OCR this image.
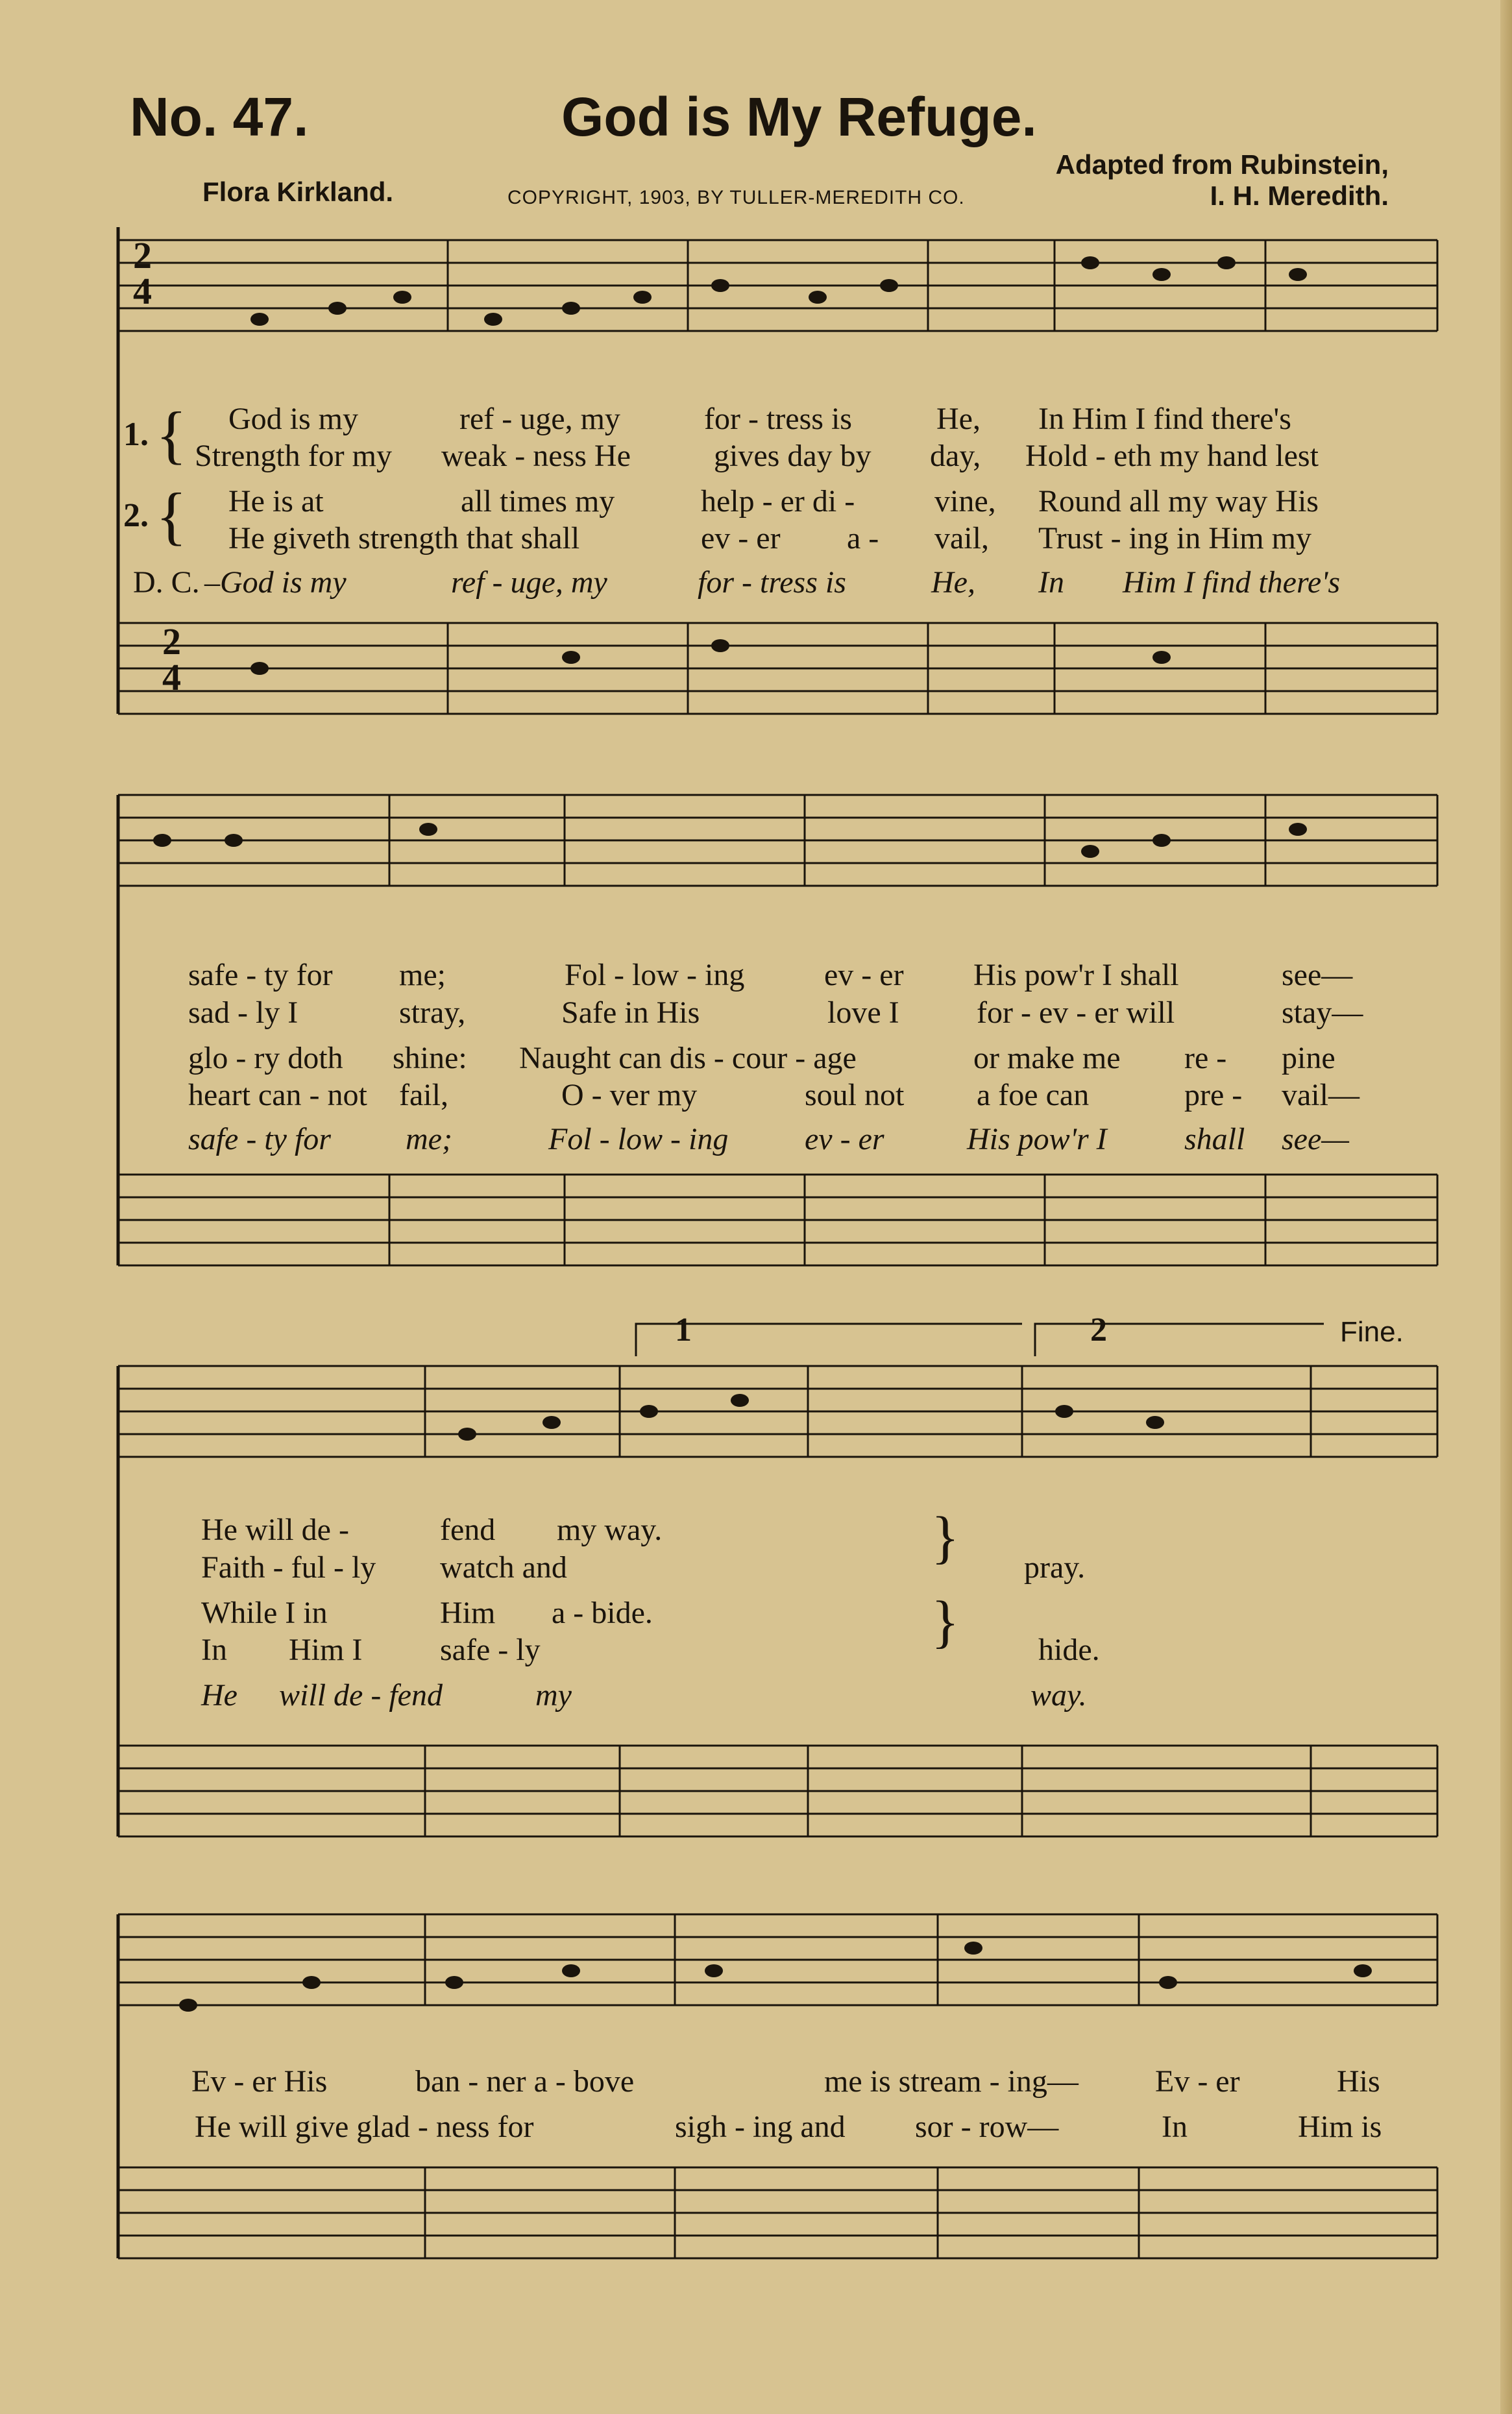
No. 47.	God is My Refuge.
Flora Kirkland.	COPYRIGHT, 1903, BY TULLER-MEREDITH CO.
Adapted from Rubinstein,
I. H. Meredith.
2
4
2
4
1	2	Fine.
1. { God is my	ref - uge, my	for - tress is	He, In Him I find there's
Strength for my weak - ness He	gives day by day, Hold - eth my hand lest
2. { He is at	all times my	help - er di -	vine, Round all my way His
He giveth strength that shall	ev - er a - vail, Trust - ing in Him my
D. C. –God is my	ref - uge, my	for - tress is	He, In Him I find there's
safe - ty for me;	Fol - low - ing	ev - er His pow'r I shall	see—
sad - ly I	stray,	Safe in His	love I for - ev - er will	stay—
glo - ry doth shine: Naught can dis - cour - age	or make me re - pine
heart can - not fail,	O - ver my	soul not a foe can	pre - vail—
safe - ty for me;	Fol - low - ing ev - er	His pow'r I shall see—
He will de -	fend my way.
Faith - ful - ly watch and	pray.
While I in	Him a - bide.
In Him I safe - ly	hide.
}
}
He will de - fend	my	way.
Ev - er His	ban - ner a - bove	me is stream - ing— Ev - er	His
He will give glad - ness for	sigh - ing and sor - row—	In	Him is
